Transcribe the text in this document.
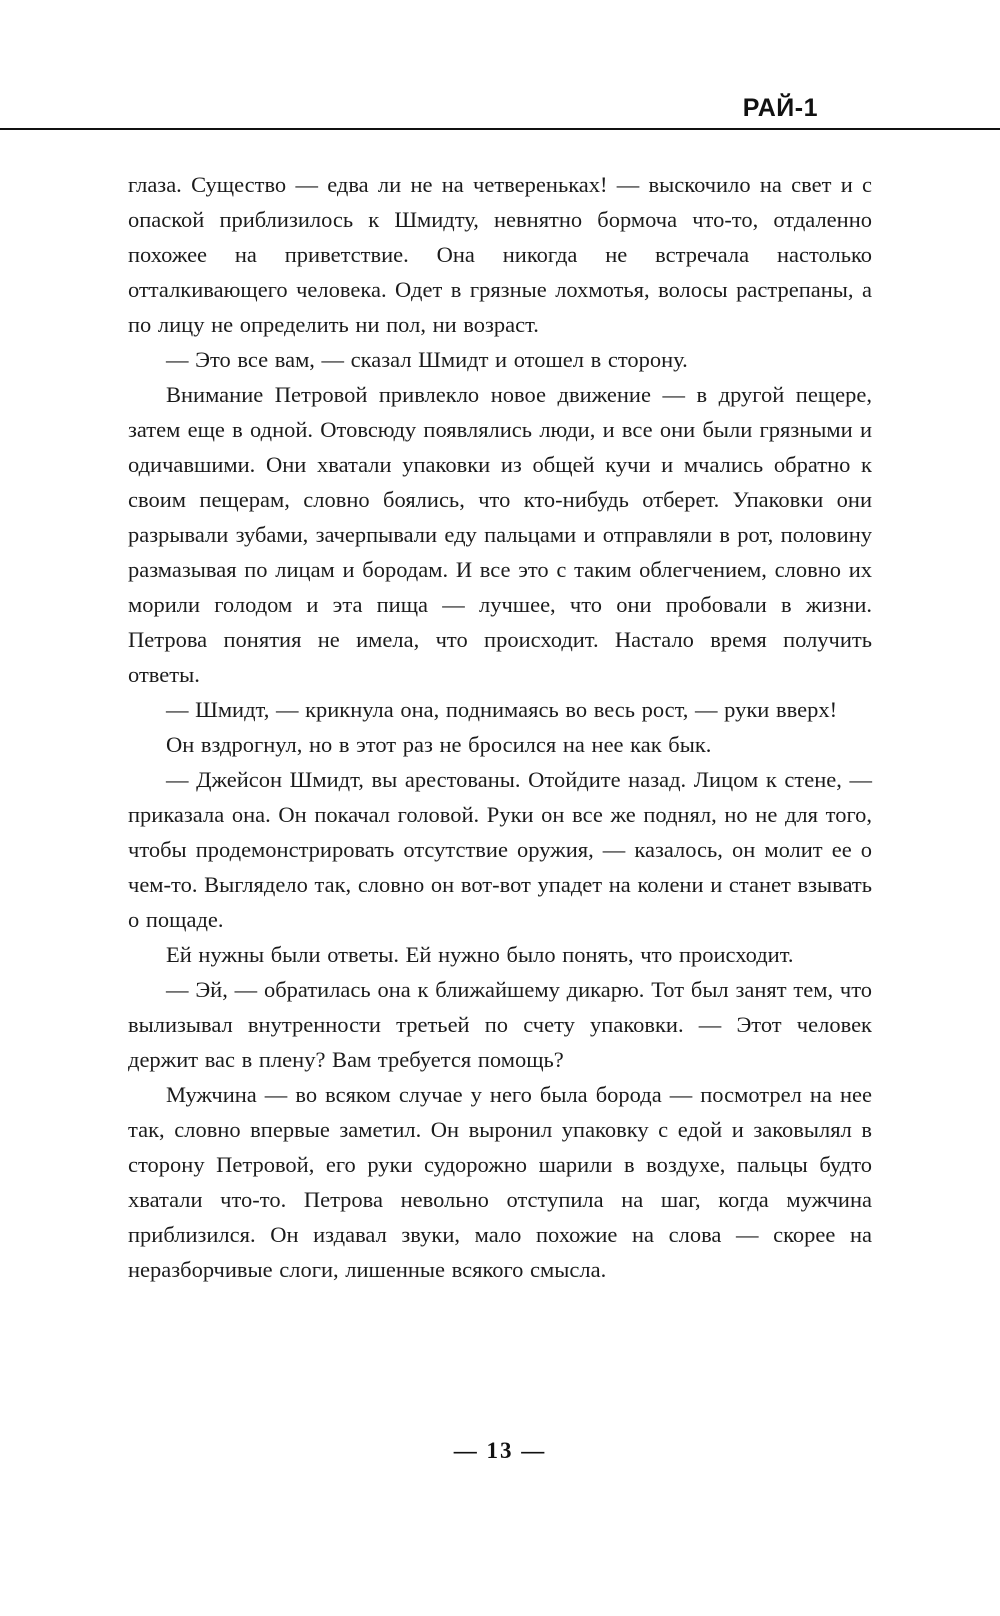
РАЙ-1

глаза. Существо — едва ли не на четвереньках! — выскочило на свет и с опаской приблизилось к Шмидту, невнятно бормоча что-то, отдаленно похожее на приветствие. Она никогда не встречала настолько отталкивающего человека. Одет в грязные лохмотья, волосы растрепаны, а по лицу не определить ни пол, ни возраст.

— Это все вам, — сказал Шмидт и отошел в сторону.

Внимание Петровой привлекло новое движение — в другой пещере, затем еще в одной. Отовсюду появлялись люди, и все они были грязными и одичавшими. Они хватали упаковки из общей кучи и мчались обратно к своим пещерам, словно боялись, что кто-нибудь отберет. Упаковки они разрывали зубами, зачерпывали еду пальцами и отправляли в рот, половину размазывая по лицам и бородам. И все это с таким облегчением, словно их морили голодом и эта пища — лучшее, что они пробовали в жизни. Петрова понятия не имела, что происходит. Настало время получить ответы.

— Шмидт, — крикнула она, поднимаясь во весь рост, — руки вверх!

Он вздрогнул, но в этот раз не бросился на нее как бык.

— Джейсон Шмидт, вы арестованы. Отойдите назад. Лицом к стене, — приказала она. Он покачал головой. Руки он все же поднял, но не для того, чтобы продемонстрировать отсутствие оружия, — казалось, он молит ее о чем-то. Выглядело так, словно он вот-вот упадет на колени и станет взывать о пощаде.

Ей нужны были ответы. Ей нужно было понять, что происходит.

— Эй, — обратилась она к ближайшему дикарю. Тот был занят тем, что вылизывал внутренности третьей по счету упаковки. — Этот человек держит вас в плену? Вам требуется помощь?

Мужчина — во всяком случае у него была борода — посмотрел на нее так, словно впервые заметил. Он выронил упаковку с едой и заковылял в сторону Петровой, его руки судорожно шарили в воздухе, пальцы будто хватали что-то. Петрова невольно отступила на шаг, когда мужчина приблизился. Он издавал звуки, мало похожие на слова — скорее на неразборчивые слоги, лишенные всякого смысла.

— 13 —
